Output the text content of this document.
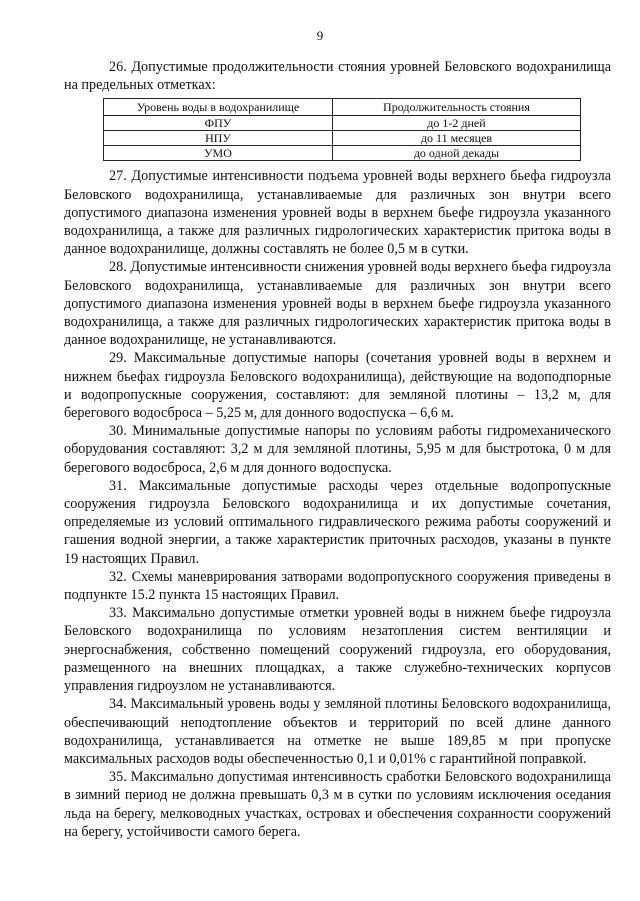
9

26. Допустимые продолжительности стояния уровней Беловского водохранилища на предельных отметках:

Уровень воды в водохранилище	Продолжительность стояния
ФПУ	до 1-2 дней
НПУ	до 11 месяцев
УМО	до одной декады

27. Допустимые интенсивности подъема уровней воды верхнего бьефа гидроузла Беловского водохранилища, устанавливаемые для различных зон внутри всего допустимого диапазона изменения уровней воды в верхнем бьефе гидроузла указанного водохранилища, а также для различных гидрологических характеристик притока воды в данное водохранилище, должны составлять не более 0,5 м в сутки.

28. Допустимые интенсивности снижения уровней воды верхнего бьефа гидроузла Беловского водохранилища, устанавливаемые для различных зон внутри всего допустимого диапазона изменения уровней воды в верхнем бьефе гидроузла указанного водохранилища, а также для различных гидрологических характеристик притока воды в данное водохранилище, не устанавливаются.

29. Максимальные допустимые напоры (сочетания уровней воды в верхнем и нижнем бьефах гидроузла Беловского водохранилища), действующие на водоподпорные и водопропускные сооружения, составляют: для земляной плотины – 13,2 м, для берегового водосброса – 5,25 м, для донного водоспуска – 6,6 м.

30. Минимальные допустимые напоры по условиям работы гидромеханического оборудования составляют: 3,2 м для земляной плотины, 5,95 м для быстротока, 0 м для берегового водосброса, 2,6 м для донного водоспуска.

31. Максимальные допустимые расходы через отдельные водопропускные сооружения гидроузла Беловского водохранилища и их допустимые сочетания, определяемые из условий оптимального гидравлического режима работы сооружений и гашения водной энергии, а также характеристик приточных расходов, указаны в пункте 19 настоящих Правил.

32. Схемы маневрирования затворами водопропускного сооружения приведены в подпункте 15.2 пункта 15 настоящих Правил.

33. Максимально допустимые отметки уровней воды в нижнем бьефе гидроузла Беловского водохранилища по условиям незатопления систем вентиляции и энергоснабжения, собственно помещений сооружений гидроузла, его оборудования, размещенного на внешних площадках, а также служебно-технических корпусов управления гидроузлом не устанавливаются.

34. Максимальный уровень воды у земляной плотины Беловского водохранилища, обеспечивающий неподтопление объектов и территорий по всей длине данного водохранилища, устанавливается на отметке не выше 189,85 м при пропуске максимальных расходов воды обеспеченностью 0,1 и 0,01% с гарантийной поправкой.

35. Максимально допустимая интенсивность сработки Беловского водохранилища в зимний период не должна превышать 0,3 м в сутки по условиям исключения оседания льда на берегу, мелководных участках, островах и обеспечения сохранности сооружений на берегу, устойчивости самого берега.
